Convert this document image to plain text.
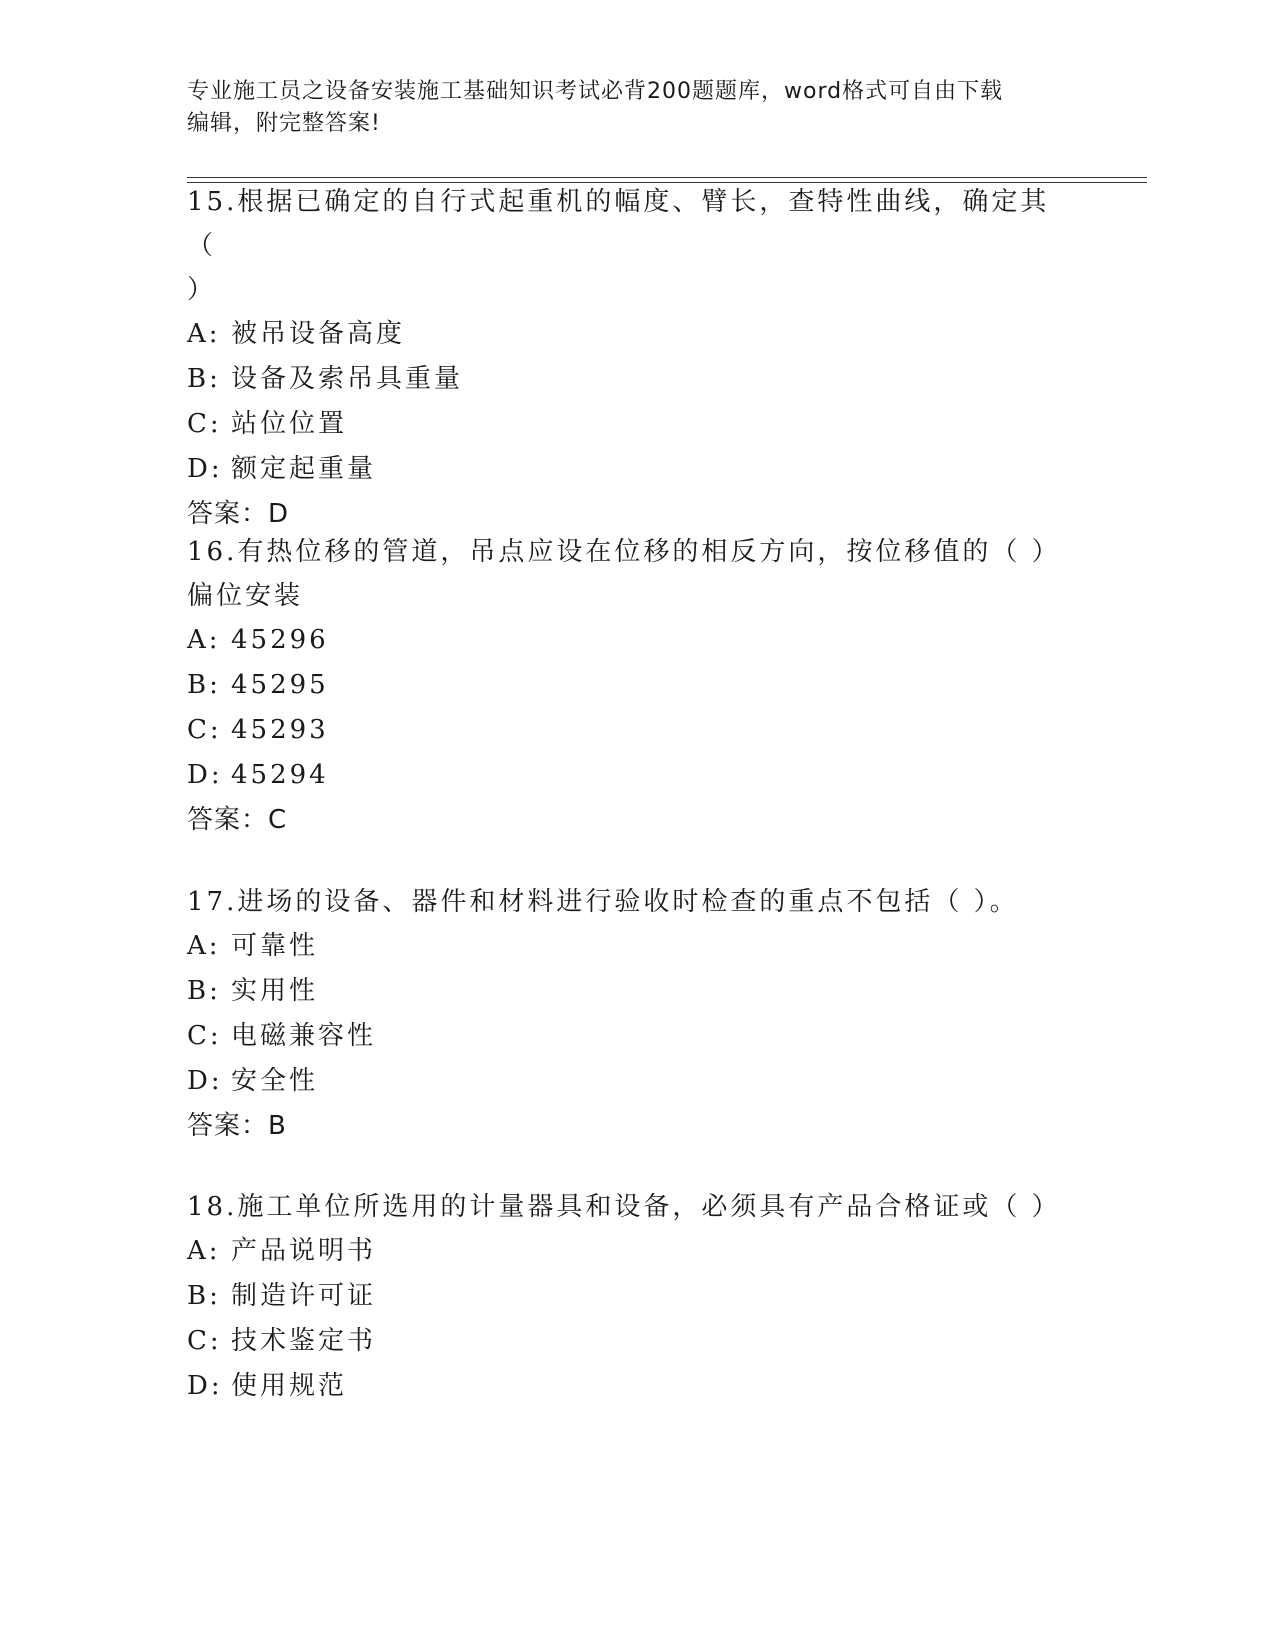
专业施工员之设备安装施工基础知识考试必背200题题库，word格式可自由下载
编辑，附完整答案!

15.根据已确定的自行式起重机的幅度、臂长，查特性曲线，确定其（

）

A: 被吊设备高度

B: 设备及索吊具重量

C: 站位位置

D: 额定起重量

答案：D

16.有热位移的管道，吊点应设在位移的相反方向，按位移值的（ ）

偏位安装

A: 45296

B: 45295

C: 45293

D: 45294

答案：C

17.进场的设备、器件和材料进行验收时检查的重点不包括（ ）。

A: 可靠性

B: 实用性

C: 电磁兼容性

D: 安全性

答案：B

18.施工单位所选用的计量器具和设备，必须具有产品合格证或（ ）

A: 产品说明书

B: 制造许可证

C: 技术鉴定书

D: 使用规范
